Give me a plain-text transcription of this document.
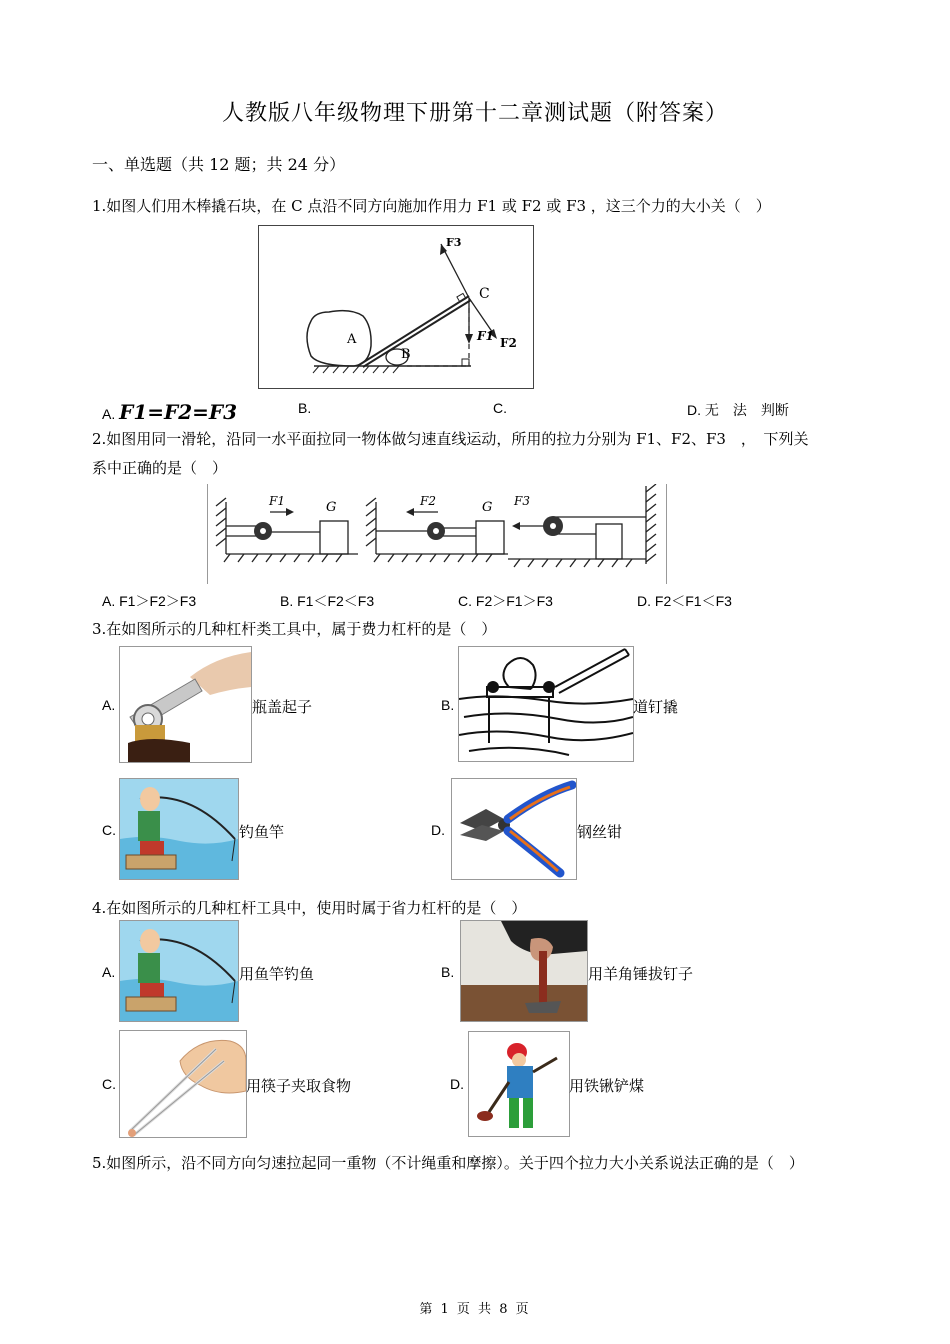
人教版八年级物理下册第十二章测试题（附答案）
一、单选题（共 12 题；共 24 分）
1.如图人们用木棒撬石块，在 C 点沿不同方向施加作用力 F1 或 F2 或 F3 ，这三个力的大小关（　）
F3
C
F1 F2
A
B
A. F1=F2=F3	B.	C.	D. 无　法　判断
2.如图用同一滑轮，沿同一水平面拉同一物体做匀速直线运动，所用的拉力分别为 F1、F2、F3　，　下列关
系中正确的是（　）
F1	G	F2	G F3
A. F1＞F2＞F3	B. F1＜F2＜F3	C. F2＞F1＞F3	D. F2＜F1＜F3
3.在如图所示的几种杠杆类工具中，属于费力杠杆的是（　）
A.	瓶盖起子	B.	道钉撬
C.	钓鱼竿	D.	钢丝钳
4.在如图所示的几种杠杆工具中，使用时属于省力杠杆的是（　）
A.	用鱼竿钓鱼	B.	用羊角锤拔钉子
C.	用筷子夹取食物	D.	用铁锹铲煤
5.如图所示，沿不同方向匀速拉起同一重物（不计绳重和摩擦）。关于四个拉力大小关系说法正确的是（　）
第 1 页 共 8 页
